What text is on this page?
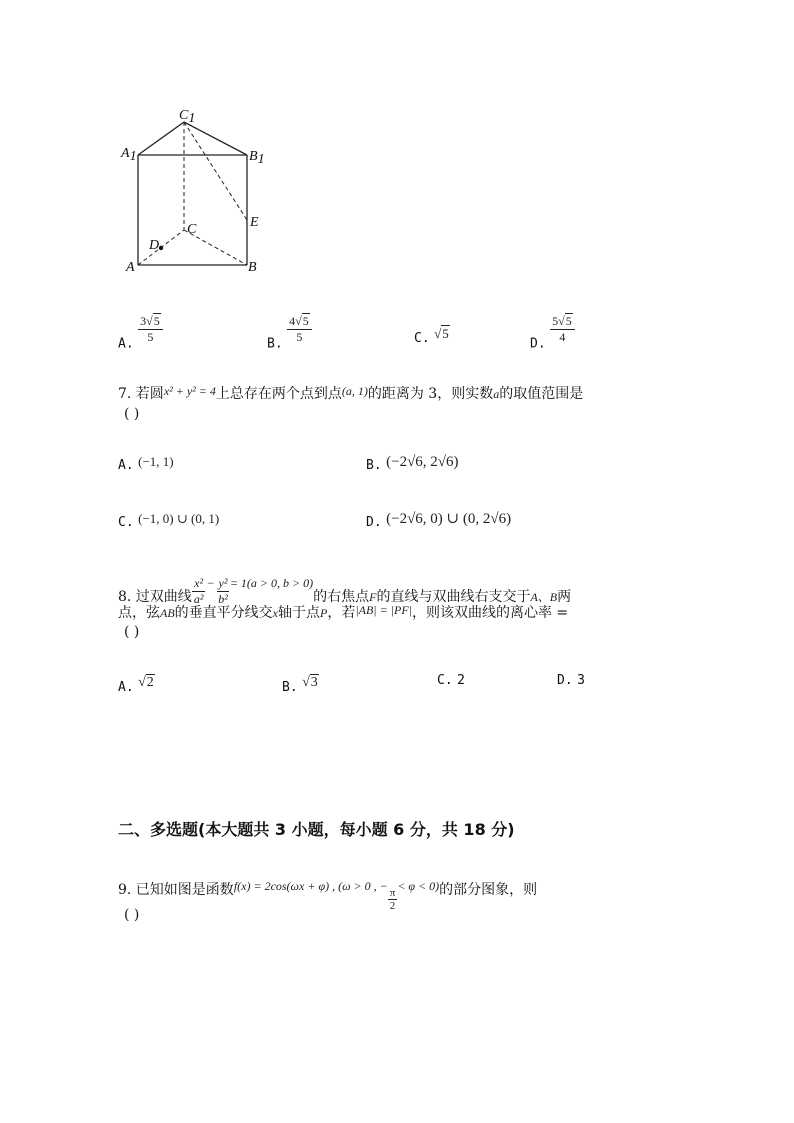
C1
A1	B1
E
C
D
A	B
A. $\frac{3√5}{5}$	B. $\frac{4√5}{5}$	C. √5
D. $\frac{5√5}{4}$
7. 若圆x² + y² = 4上总存在两个点到点(a, 1)的距离为 3，则实数a的取值范围是
( )
A. (−1, 1)	B. (−2√6, 2√6)
C. (−1, 0) ∪ (0, 1)	D. (−2√6, 0) ∪ (0, 2√6)
8. 过双曲线 $\frac{\text{x²}}{\text{a²}} - \frac{\text{y²}}{\text{b²}} = 1(a > 0$, b > 0)的右焦点F的直线与双曲线右支交于A、B两
点，弦AB的垂直平分线交x轴于点P，若|AB| = |PF|，则该双曲线的离心率 =
( )
A. √2	B. √3	C. 2	D. 3
二、多选题(本大题共 3 小题，每小题 6 分，共 18 分)
9. 已知如图是函数f(x) = 2cos(ωx + φ) , (ω > 0 , −
$\frac{\pi}{2}$
< φ < 0)的部分图象，则
( )
